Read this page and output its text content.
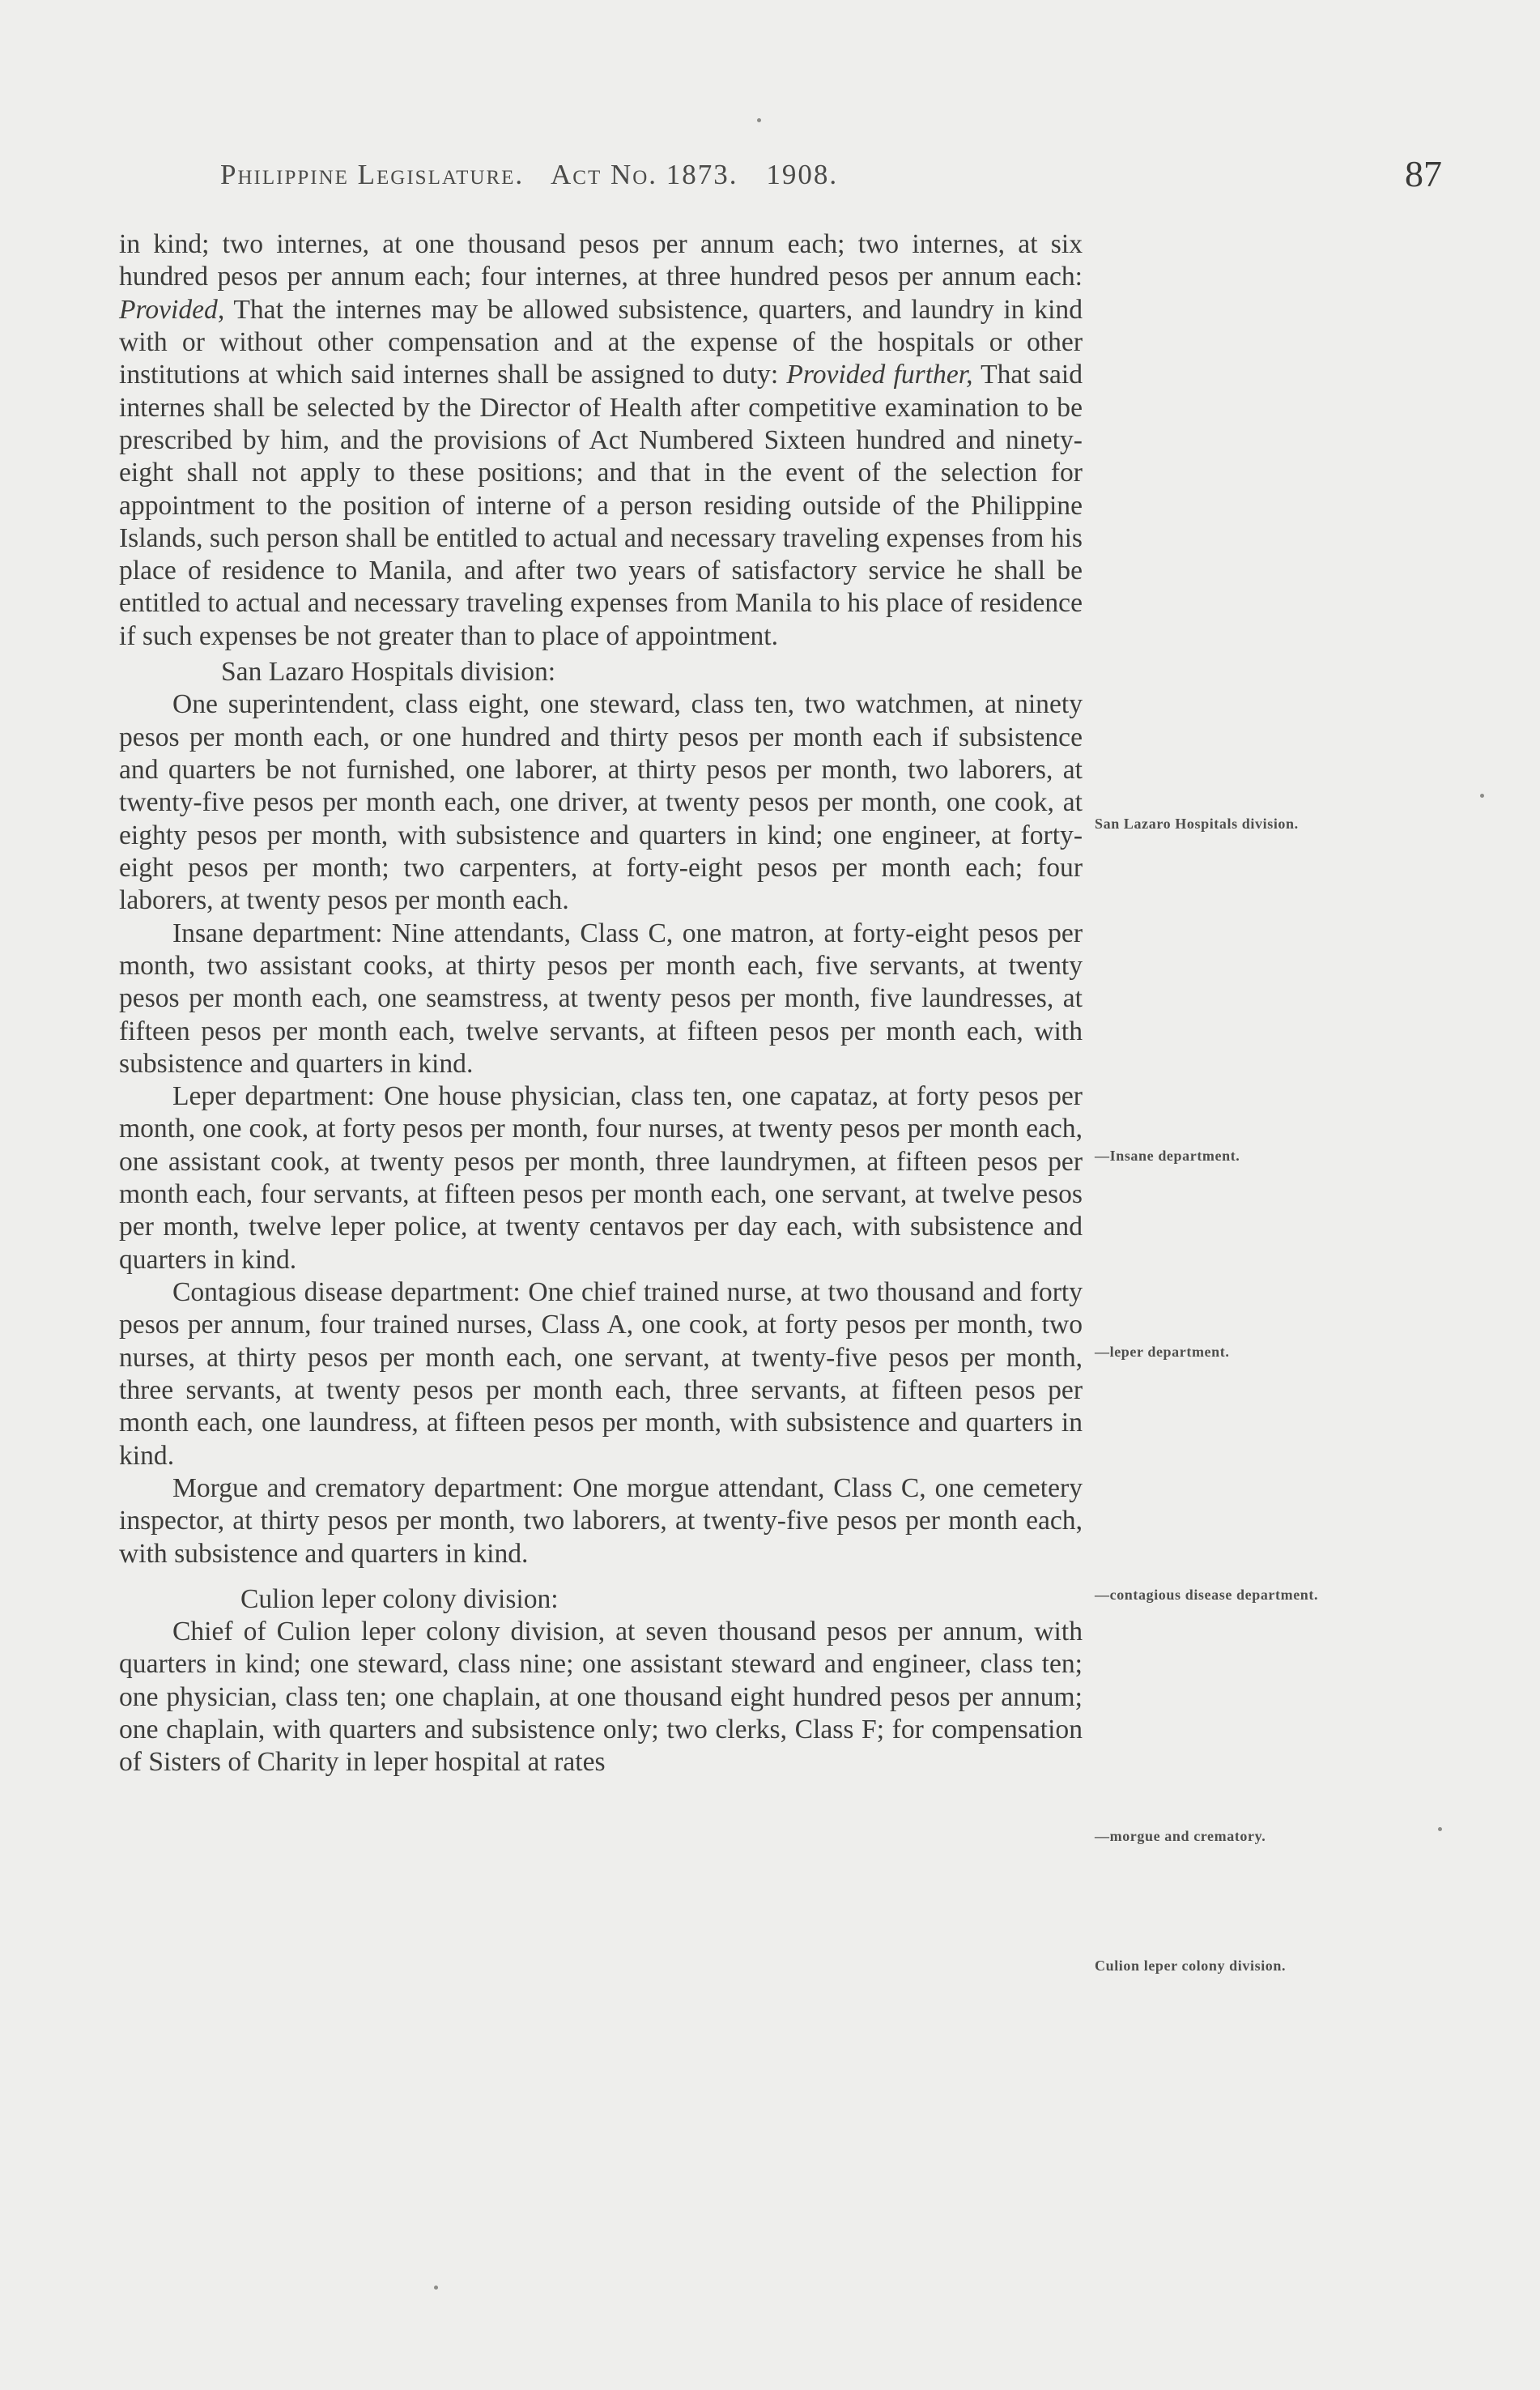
Philippine Legislature. Act No. 1873. 1908.	87

in kind; two internes, at one thousand pesos per annum each; two internes, at six hundred pesos per annum each; four internes, at three hundred pesos per annum each: Provided, That the internes may be allowed subsistence, quarters, and laundry in kind with or without other compensation and at the expense of the hospitals or other institutions at which said internes shall be assigned to duty: Provided further, That said internes shall be selected by the Director of Health after competitive examination to be prescribed by him, and the provisions of Act Numbered Sixteen hundred and ninety-eight shall not apply to these positions; and that in the event of the selection for appointment to the position of interne of a person residing outside of the Philippine Islands, such person shall be entitled to actual and necessary traveling expenses from his place of residence to Manila, and after two years of satisfactory service he shall be entitled to actual and necessary traveling expenses from Manila to his place of residence if such expenses be not greater than to place of appointment.

San Lazaro Hospitals division:

One superintendent, class eight, one steward, class ten, two watchmen, at ninety pesos per month each, or one hundred and thirty pesos per month each if subsistence and quarters be not furnished, one laborer, at thirty pesos per month, two laborers, at twenty-five pesos per month each, one driver, at twenty pesos per month, one cook, at eighty pesos per month, with subsistence and quarters in kind; one engineer, at forty-eight pesos per month; two carpenters, at forty-eight pesos per month each; four laborers, at twenty pesos per month each.

Insane department: Nine attendants, Class C, one matron, at forty-eight pesos per month, two assistant cooks, at thirty pesos per month each, five servants, at twenty pesos per month each, one seamstress, at twenty pesos per month, five laundresses, at fifteen pesos per month each, twelve servants, at fifteen pesos per month each, with subsistence and quarters in kind.

Leper department: One house physician, class ten, one capataz, at forty pesos per month, one cook, at forty pesos per month, four nurses, at twenty pesos per month each, one assistant cook, at twenty pesos per month, three laundrymen, at fifteen pesos per month each, four servants, at fifteen pesos per month each, one servant, at twelve pesos per month, twelve leper police, at twenty centavos per day each, with subsistence and quarters in kind.

Contagious disease department: One chief trained nurse, at two thousand and forty pesos per annum, four trained nurses, Class A, one cook, at forty pesos per month, two nurses, at thirty pesos per month each, one servant, at twenty-five pesos per month, three servants, at twenty pesos per month each, three servants, at fifteen pesos per month each, one laundress, at fifteen pesos per month, with subsistence and quarters in kind.

Morgue and crematory department: One morgue attendant, Class C, one cemetery inspector, at thirty pesos per month, two laborers, at twenty-five pesos per month each, with subsistence and quarters in kind.

Culion leper colony division:

Chief of Culion leper colony division, at seven thousand pesos per annum, with quarters in kind; one steward, class nine; one assistant steward and engineer, class ten; one physician, class ten; one chaplain, at one thousand eight hundred pesos per annum; one chaplain, with quarters and subsistence only; two clerks, Class F; for compensation of Sisters of Charity in leper hospital at rates

San Lazaro Hospitals division.
—Insane department.
—leper department.
—contagious disease department.
—morgue and crematory.
Culion leper colony division.
